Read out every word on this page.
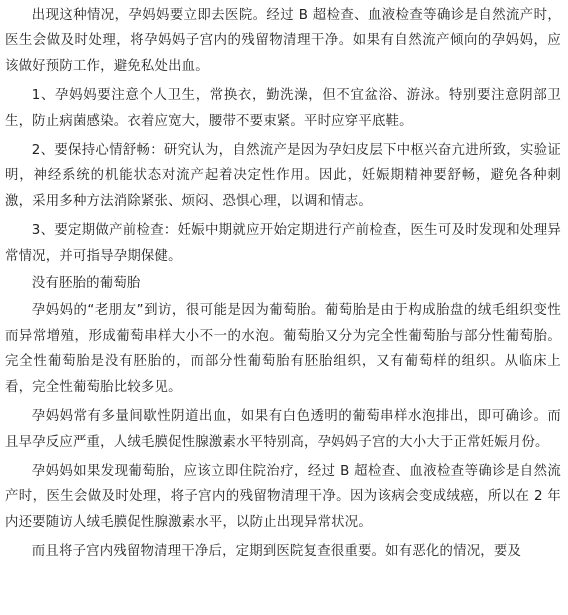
出现这种情况，孕妈妈要立即去医院。经过 B 超检查、血液检查等确诊是自然流产时，医生会做及时处理，将孕妈妈子宫内的残留物清理干净。如果有自然流产倾向的孕妈妈，应该做好预防工作，避免私处出血。

1、孕妈妈要注意个人卫生，常换衣，勤洗澡，但不宜盆浴、游泳。特别要注意阴部卫生，防止病菌感染。衣着应宽大，腰带不要束紧。平时应穿平底鞋。

2、要保持心情舒畅：研究认为，自然流产是因为孕妇皮层下中枢兴奋亢进所致，实验证明，神经系统的机能状态对流产起着决定性作用。因此，妊娠期精神要舒畅，避免各种刺激，采用多种方法消除紧张、烦闷、恐惧心理，以调和情志。

3、要定期做产前检查：妊娠中期就应开始定期进行产前检查，医生可及时发现和处理异常情况，并可指导孕期保健。

没有胚胎的葡萄胎

孕妈妈的“老朋友”到访，很可能是因为葡萄胎。葡萄胎是由于构成胎盘的绒毛组织变性而异常增殖，形成葡萄串样大小不一的水泡。葡萄胎又分为完全性葡萄胎与部分性葡萄胎。完全性葡萄胎是没有胚胎的，而部分性葡萄胎有胚胎组织，又有葡萄样的组织。从临床上看，完全性葡萄胎比较多见。

孕妈妈常有多量间歇性阴道出血，如果有白色透明的葡萄串样水泡排出，即可确诊。而且早孕反应严重，人绒毛膜促性腺激素水平特别高，孕妈妈子宫的大小大于正常妊娠月份。

孕妈妈如果发现葡萄胎，应该立即住院治疗，经过 B 超检查、血液检查等确诊是自然流产时，医生会做及时处理，将子宫内的残留物清理干净。因为该病会变成绒癌，所以在 2 年内还要随访人绒毛膜促性腺激素水平，以防止出现异常状况。

而且将子宫内残留物清理干净后，定期到医院复查很重要。如有恶化的情况，要及
